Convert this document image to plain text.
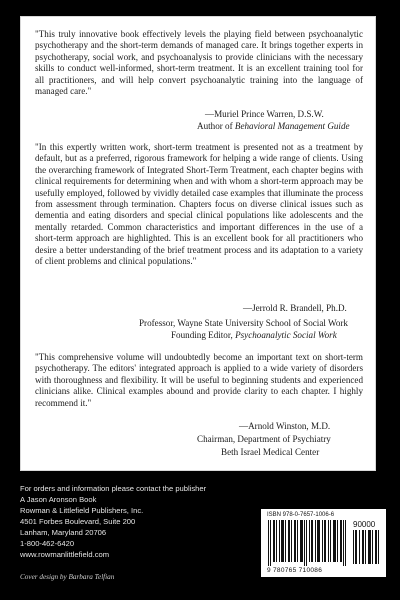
"This truly innovative book effectively levels the playing field between psychoanalytic psychotherapy and the short-term demands of managed care. It brings together experts in psychotherapy, social work, and psychoanalysis to provide clinicians with the necessary skills to conduct well-informed, short-term treatment. It is an excellent training tool for all practitioners, and will help convert psychoanalytic training into the language of managed care."

—Muriel Prince Warren, D.S.W.
Author of Behavioral Management Guide

"In this expertly written work, short-term treatment is presented not as a treatment by default, but as a preferred, rigorous framework for helping a wide range of clients. Using the overarching framework of Integrated Short-Term Treatment, each chapter begins with clinical requirements for determining when and with whom a short-term approach may be usefully employed, followed by vividly detailed case examples that illuminate the process from assessment through termination. Chapters focus on diverse clinical issues such as dementia and eating disorders and special clinical populations like adolescents and the mentally retarded. Common characteristics and important differences in the use of a short-term approach are highlighted. This is an excellent book for all practitioners who desire a better understanding of the brief treatment process and its adaptation to a variety of client problems and clinical populations."

—Jerrold R. Brandell, Ph.D.
Professor, Wayne State University School of Social Work
Founding Editor, Psychoanalytic Social Work

"This comprehensive volume will undoubtedly become an important text on short-term psychotherapy. The editors' integrated approach is applied to a wide variety of disorders with thoroughness and flexibility. It will be useful to beginning students and experienced clinicians alike. Clinical examples abound and provide clarity to each chapter. I highly recommend it."

—Arnold Winston, M.D.
Chairman, Department of Psychiatry
Beth Israel Medical Center
For orders and information please contact the publisher
A Jason Aronson Book
Rowman & Littlefield Publishers, Inc.
4501 Forbes Boulevard, Suite 200
Lanham, Maryland 20706
1-800-462-6420
www.rowmanlittlefield.com
Cover design by Barbara Telfian
ISBN 978-0-7657-1006-6
90000
9 780765 710086
